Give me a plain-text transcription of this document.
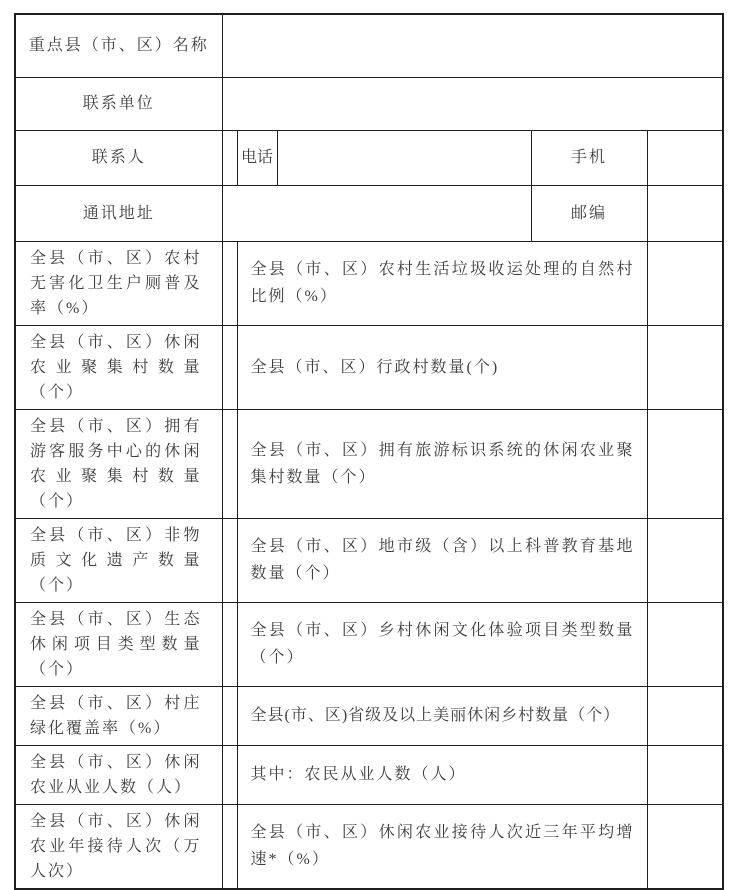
重点县（市、区）名称					
联系单位					
联系人		电话		手机	
通讯地址				邮编	
全县（市、区）农村无害化卫生户厕普及率（%）		全县（市、区）农村生活垃圾收运处理的自然村比例（%）			
全县（市、区）休闲农业聚集村数量（个）		全县（市、区）行政村数量(个)			
全县（市、区）拥有游客服务中心的休闲农业聚集村数量（个）		全县（市、区）拥有旅游标识系统的休闲农业聚集村数量（个）			
全县（市、区）非物质文化遗产数量（个）		全县（市、区）地市级（含）以上科普教育基地数量（个）			
全县（市、区）生态休闲项目类型数量（个）		全县（市、区）乡村休闲文化体验项目类型数量（个）			
全县（市、区）村庄绿化覆盖率（%）		全县(市、区)省级及以上美丽休闲乡村数量（个）			
全县（市、区）休闲农业从业人数（人）		其中：农民从业人数（人）			
全县（市、区）休闲农业年接待人次（万人次）		全县（市、区）休闲农业接待人次近三年平均增速*（%）			
